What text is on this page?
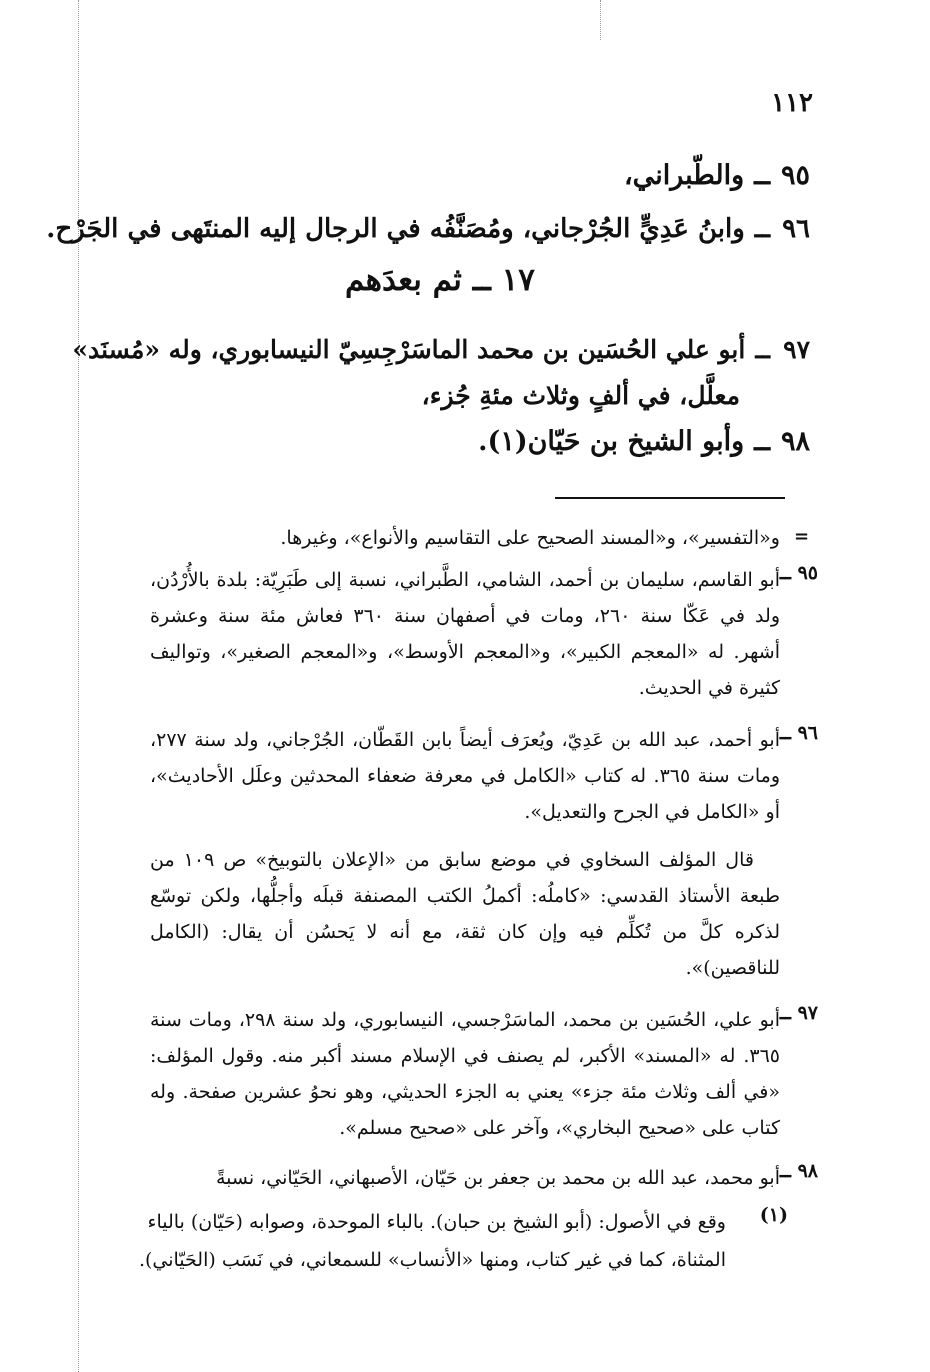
١١٢
٩٥ــوالطّبراني،
٩٦ــوابنُ عَدِيٍّ الجُرْجاني، ومُصَنَّفُه في الرجال إليه المنتَهى في الجَرْح.
١٧ ــ ثم بعدَهم
٩٧ــأبو علي الحُسَين بن محمد الماسَرْجِسِيّ النيسابوري، وله «مُسنَد»
معلَّل، في ألفٍ وثلاث مئةِ جُزء،
٩٨ــوأبو الشيخ بن حَيّان(١).
=
و«التفسير»، و«المسند الصحيح على التقاسيم والأنواع»، وغيرها.
٩٥ ــ
أبو القاسم، سليمان بن أحمد، الشامي، الطَّبراني، نسبة إلى طَبَرِيّة: بلدة بالأُرْدُن، ولد في عَكّا سنة ٢٦٠، ومات في أصفهان سنة ٣٦٠ فعاش مئة سنة وعشرة أشهر. له «المعجم الكبير»، و«المعجم الأوسط»، و«المعجم الصغير»، وتواليف كثيرة في الحديث.
٩٦ ــ
أبو أحمد، عبد الله بن عَدِيّ، ويُعرَف أيضاً بابن القَطّان، الجُرْجاني، ولد سنة ٢٧٧، ومات سنة ٣٦٥. له كتاب «الكامل في معرفة ضعفاء المحدثين وعلَل الأحاديث»، أو «الكامل في الجرح والتعديل».
قال المؤلف السخاوي في موضع سابق من «الإعلان بالتوبيخ» ص ١٠٩ من طبعة الأستاذ القدسي: «كاملُه: أكملُ الكتب المصنفة قبلَه وأجلُّها، ولكن توسّع لذكره كلَّ من تُكلِّم فيه وإن كان ثقة، مع أنه لا يَحسُن أن يقال: (الكامل للناقصين)».
٩٧ ــ
أبو علي، الحُسَين بن محمد، الماسَرْجسي، النيسابوري، ولد سنة ٢٩٨، ومات سنة ٣٦٥. له «المسند» الأكبر، لم يصنف في الإسلام مسند أكبر منه. وقول المؤلف: «في ألف وثلاث مئة جزء» يعني به الجزء الحديثي، وهو نحوُ عشرين صفحة. وله كتاب على «صحيح البخاري»، وآخر على «صحيح مسلم».
٩٨ ــ
أبو محمد، عبد الله بن محمد بن جعفر بن حَيّان، الأصبهاني، الحَيّاني، نسبةً
(١)
وقع في الأصول: (أبو الشيخ بن حبان). بالباء الموحدة، وصوابه (حَيّان) بالياء
المثناة، كما في غير كتاب، ومنها «الأنساب» للسمعاني، في نَسَب (الحَيّاني).
